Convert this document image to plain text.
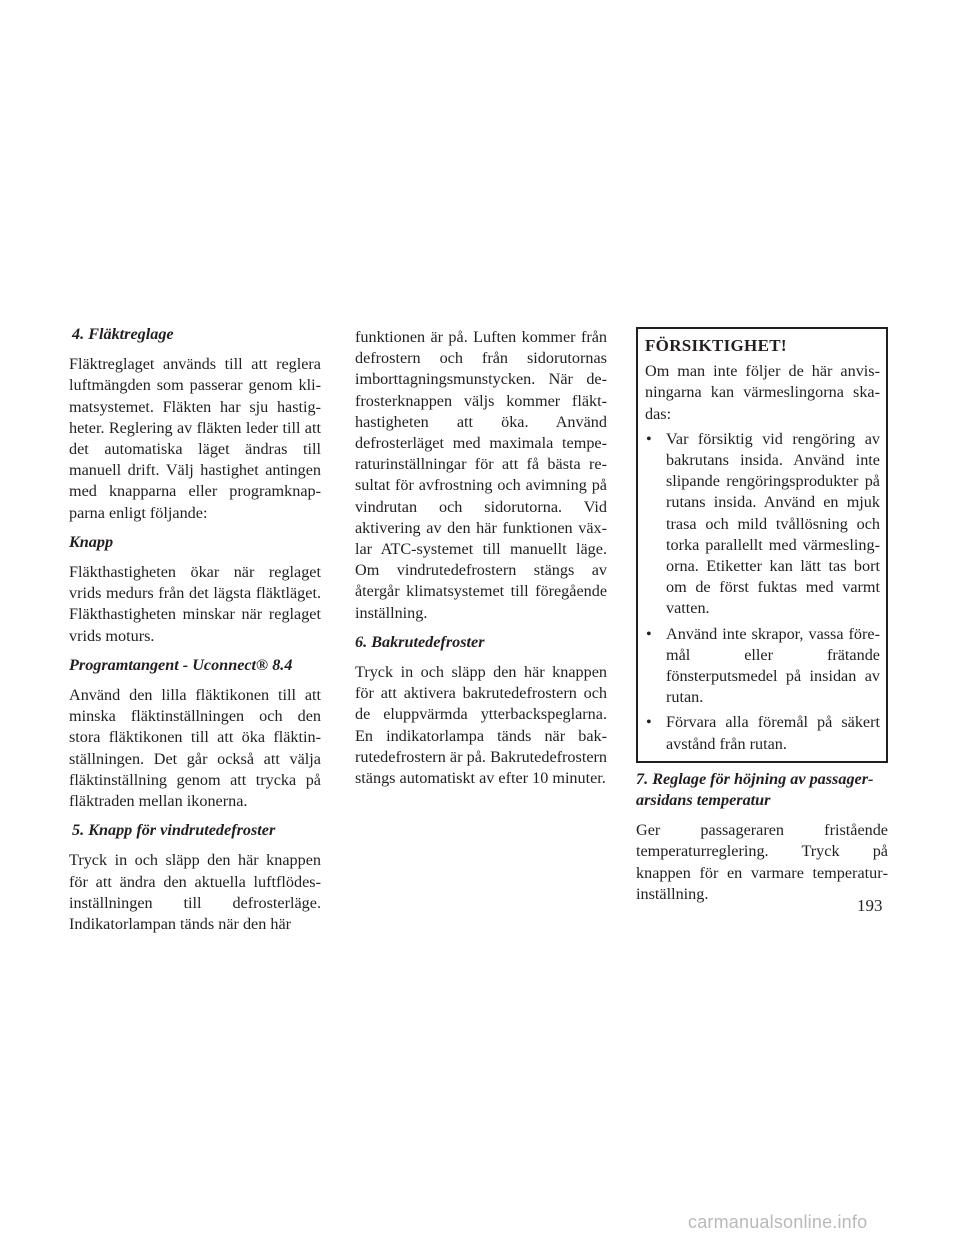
4. Fläktreglage

Fläktreglaget används till att reglera luftmängden som passerar genom klimatsystemet. Fläkten har sju hastigheter. Reglering av fläkten leder till att det automatiska läget ändras till manuell drift. Välj hastighet antingen med knapparna eller programknapparna enligt följande:

Knapp

Fläkthastigheten ökar när reglaget vrids medurs från det lägsta fläktläget. Fläkthastigheten minskar när reglaget vrids moturs.

Programtangent - Uconnect® 8.4

Använd den lilla fläktikonen till att minska fläktinställningen och den stora fläktikonen till att öka fläktinställningen. Det går också att välja fläktinställning genom att trycka på fläktraden mellan ikonerna.

5. Knapp för vindrutedefroster

Tryck in och släpp den här knappen för att ändra den aktuella luftflödesinställningen till defrosterläge. Indikatorlampan tänds när den här

funktionen är på. Luften kommer från defrostern och från sidorutornas imborttagningsmunstycken. När defrosterknappen väljs kommer fläkthastigheten att öka. Använd defrosterläget med maximala temperaturinställningar för att få bästa resultat för avfrostning och avimning på vindrutan och sidorutorna. Vid aktivering av den här funktionen växlar ATC-systemet till manuellt läge. Om vindrutedefrostern stängs av återgår klimatsystemet till föregående inställning.

6. Bakrutedefroster

Tryck in och släpp den här knappen för att aktivera bakrutedefrostern och de eluppvärmda ytterbackspeglarna. En indikatorlampa tänds när bakrutedefrostern är på. Bakrutedefrostern stängs automatiskt av efter 10 minuter.

FÖRSIKTIGHET!
Om man inte följer de här anvisningarna kan värmeslingorna skadas:
• Var försiktig vid rengöring av bakrutans insida. Använd inte slipande rengöringsprodukter på rutans insida. Använd en mjuk trasa och mild tvållösning och torka parallellt med värmeslingorna. Etiketter kan lätt tas bort om de först fuktas med varmt vatten.
• Använd inte skrapor, vassa föremål eller frätande fönsterputsmedel på insidan av rutan.
• Förvara alla föremål på säkert avstånd från rutan.
7. Reglage för höjning av passagerarsidans temperatur

Ger passageraren fristående temperaturreglering. Tryck på knappen för en varmare temperaturinställning.

193
carmanualsonline.info
